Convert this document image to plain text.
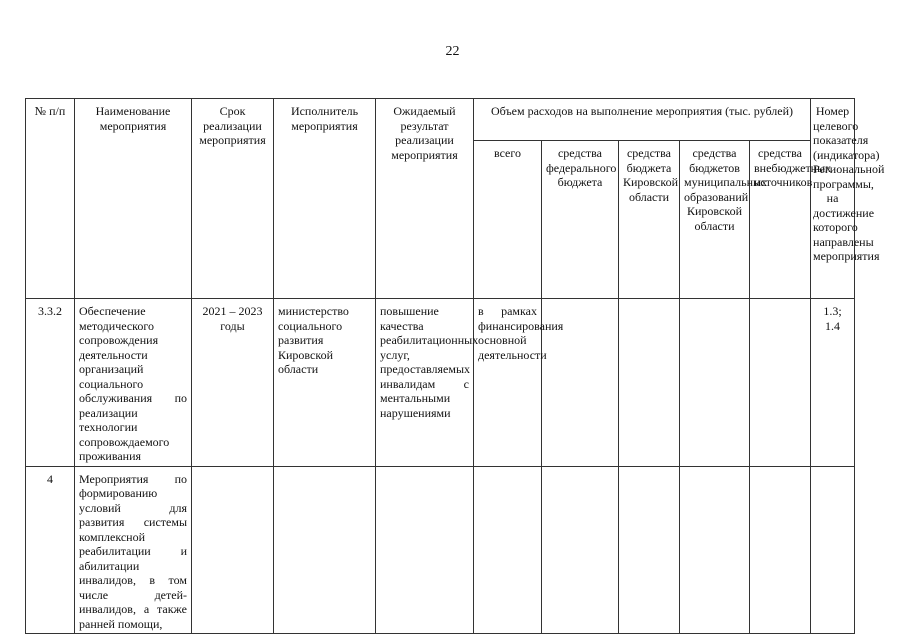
22
№ п/п	Наименование мероприятия	Срок реализации мероприятия	Исполнитель мероприятия	Ожидаемый результат реализации мероприятия	Объем расходов на выполнение мероприятия (тыс. рублей)					Номер целевого показателя (индикатора) Региональной программы, на достижение которого направлены мероприятия
					всего	средства федерального бюджета	средства бюджета Кировской области	средства бюджетов муниципальных образований Кировской области	средства внебюджетных источников	
3.3.2	Обеспечение методического сопровождения деятельности организаций социального обслуживания по реализации технологии сопровождаемого проживания	2021 – 2023 годы	министерство социального развития Кировской области	повышение качества реабилитационных услуг, предоставляемых инвалидам с ментальными нарушениями	в рамках финансирования основной деятельности					1.3; 1.4
4	Мероприятия по формированию условий для развития системы комплексной реабилитации и абилитации инвалидов, в том числе детей-инвалидов, а также ранней помощи,									
